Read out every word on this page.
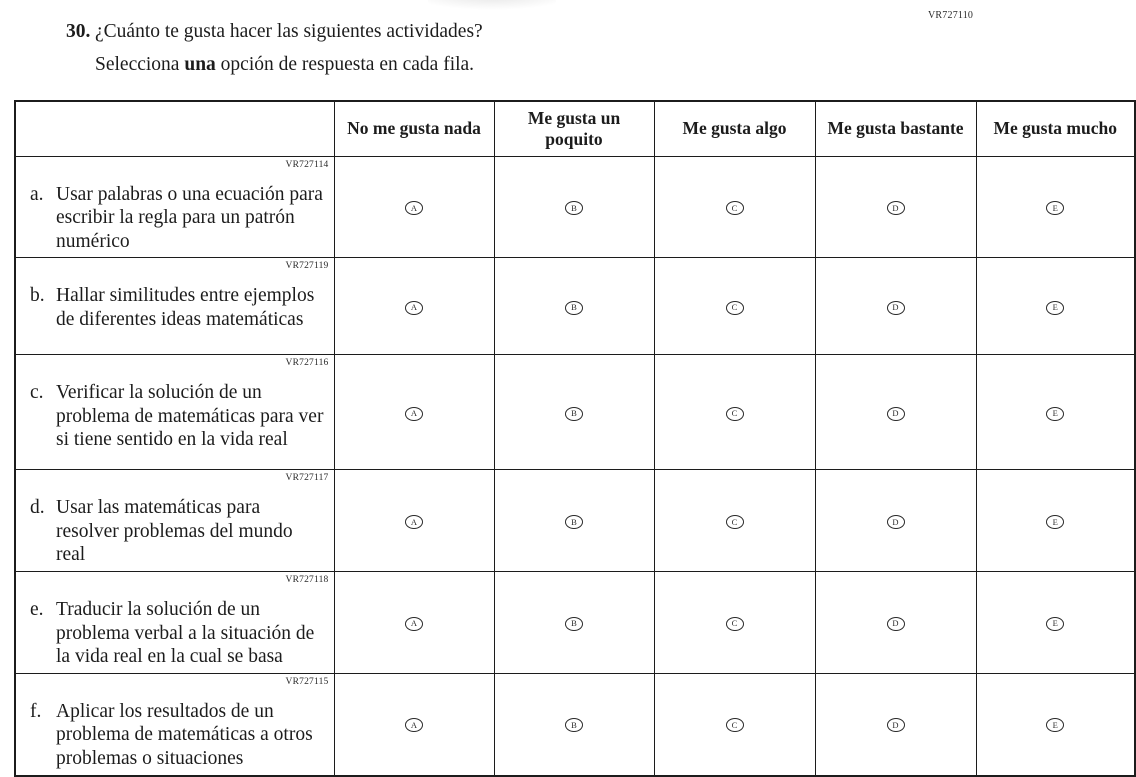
VR727110
30. ¿Cuánto te gusta hacer las siguientes actividades?
Selecciona una opción de respuesta en cada fila.
	No me gusta nada	Me gusta un poquito	Me gusta algo	Me gusta bastante	Me gusta mucho

VR727114
a. Usar palabras o una ecuación para escribir la regla para un patrón numérico	A	B	C	D	E

VR727119
b. Hallar similitudes entre ejemplos de diferentes ideas matemáticas	A	B	C	D	E

VR727116
c. Verificar la solución de un problema de matemáticas para ver si tiene sentido en la vida real	A	B	C	D	E

VR727117
d. Usar las matemáticas para resolver problemas del mundo real	A	B	C	D	E

VR727118
e. Traducir la solución de un problema verbal a la situación de la vida real en la cual se basa	A	B	C	D	E

VR727115
f. Aplicar los resultados de un problema de matemáticas a otros problemas o situaciones	A	B	C	D	E
